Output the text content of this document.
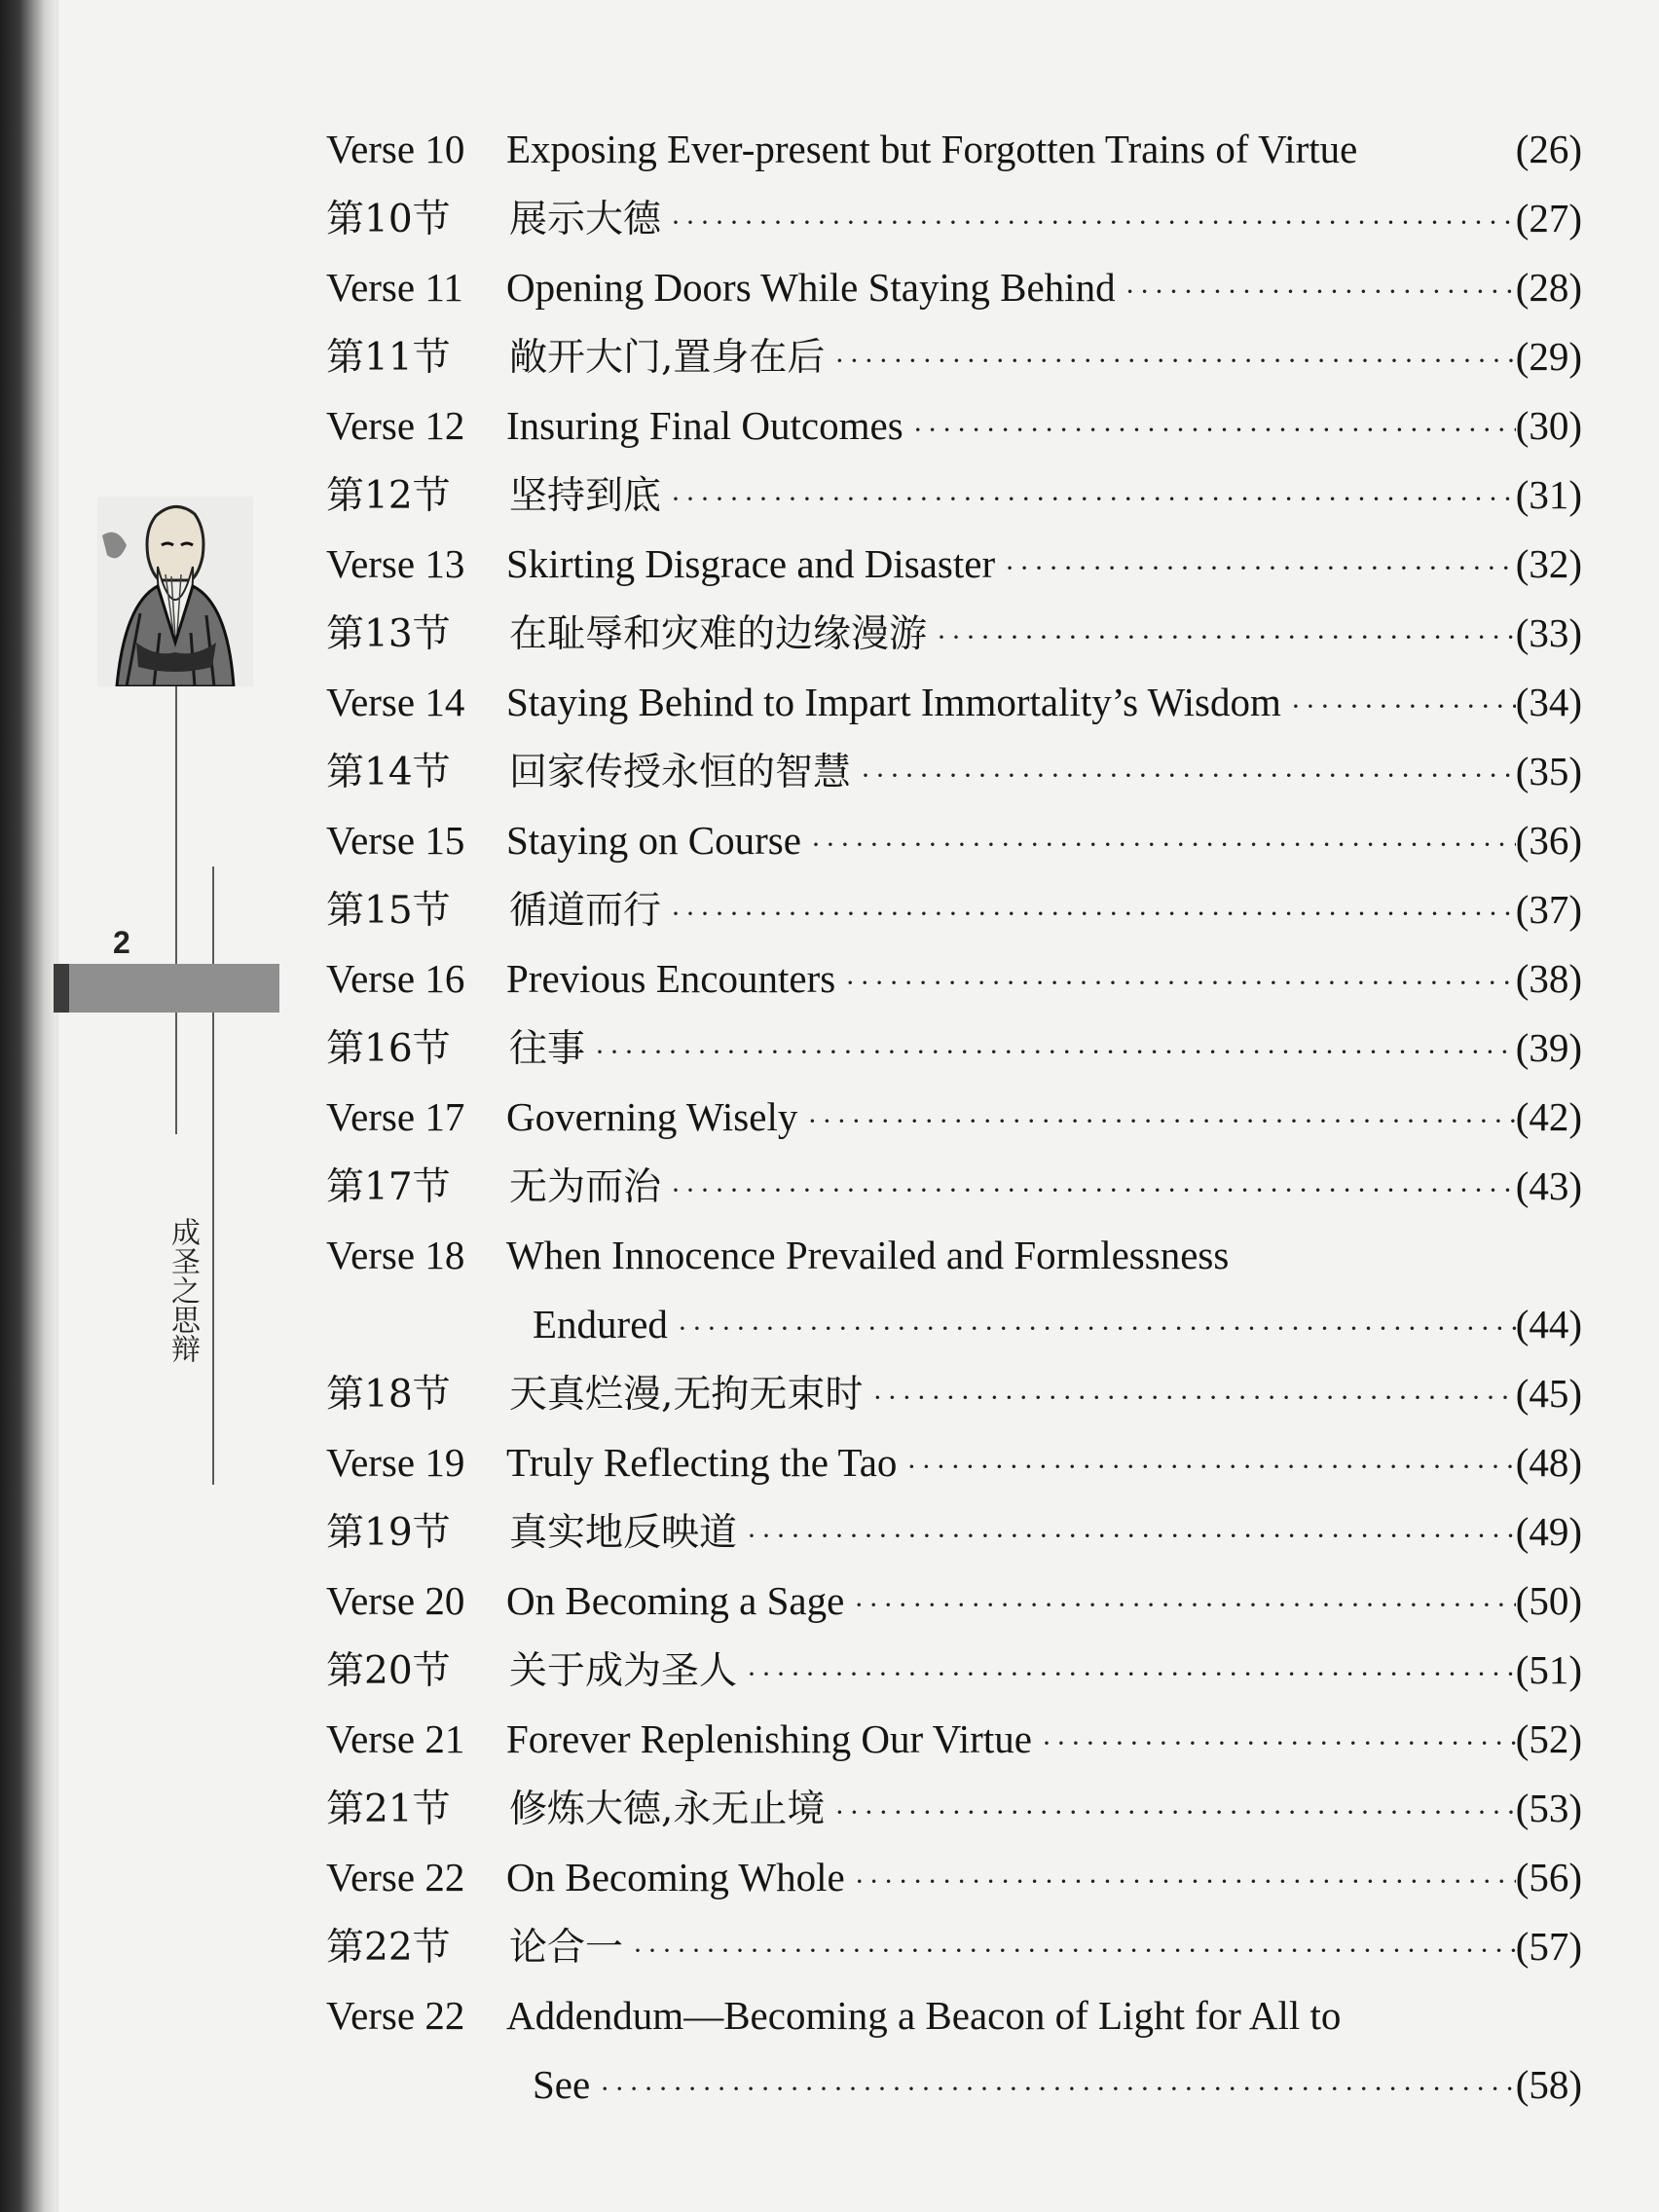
2
成圣之思辩
Verse 10	Exposing Ever-present but Forgotten Trains of Virtue	(26)
第10节	展示大德 ·····	(27)
Verse 11	Opening Doors While Staying Behind ·····	(28)
第11节	敞开大门,置身在后 ·····	(29)
Verse 12	Insuring Final Outcomes ·····	(30)
第12节	坚持到底 ·····	(31)
Verse 13	Skirting Disgrace and Disaster ·····	(32)
第13节	在耻辱和灾难的边缘漫游 ·····	(33)
Verse 14	Staying Behind to Impart Immortality’s Wisdom ·····	(34)
第14节	回家传授永恒的智慧 ·····	(35)
Verse 15	Staying on Course ·····	(36)
第15节	循道而行 ·····	(37)
Verse 16	Previous Encounters ·····	(38)
第16节	往事 ·····	(39)
Verse 17	Governing Wisely ·····	(42)
第17节	无为而治 ·····	(43)
Verse 18	When Innocence Prevailed and Formlessness
Endured ·····	(44)
第18节	天真烂漫,无拘无束时 ·····	(45)
Verse 19	Truly Reflecting the Tao ·····	(48)
第19节	真实地反映道 ·····	(49)
Verse 20	On Becoming a Sage ·····	(50)
第20节	关于成为圣人 ·····	(51)
Verse 21	Forever Replenishing Our Virtue ·····	(52)
第21节	修炼大德,永无止境 ·····	(53)
Verse 22	On Becoming Whole ·····	(56)
第22节	论合一 ·····	(57)
Verse 22	Addendum—Becoming a Beacon of Light for All to
See ·····	(58)
